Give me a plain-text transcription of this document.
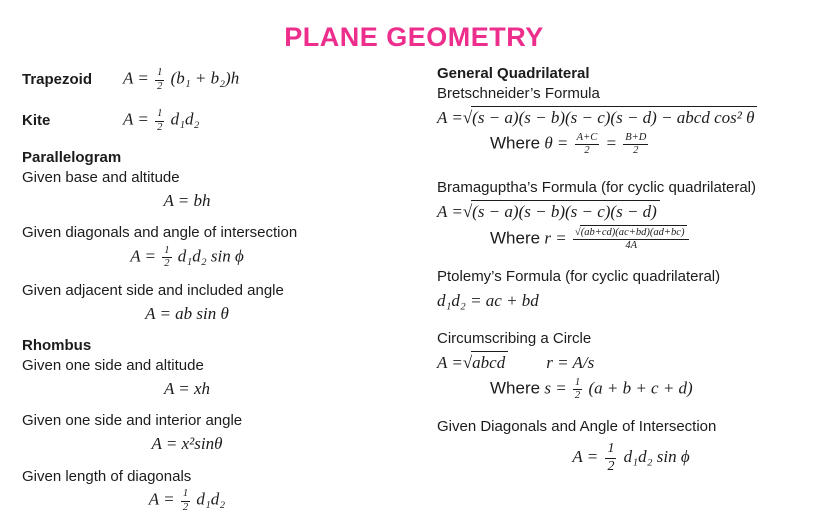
PLANE GEOMETRY
Trapezoid	$A = \frac{1}{2} (b_1 + b_2)h$
Kite	$A = \frac{1}{2} d_1d_2$
Parallelogram
Given base and altitude
A = bh
Given diagonals and angle of intersection
$A = \frac{1}{2} d_1d_2$ sin ϕ
Given adjacent side and included angle
A = ab sin θ
Rhombus
Given one side and altitude
A = xh
Given one side and interior angle
A = x²sinθ
Given length of diagonals
$A = \frac{1}{2} d_1d_2$
General Quadrilateral
Bretschneider’s Formula
A =√(s − a)(s − b)(s − c)(s − d) − abcd cos² θ
Where $\theta = \frac{A+C}{2} = \frac{B+D}{2}$
Bramaguptha’s Formula (for cyclic quadrilateral)
A =√(s − a)(s − b)(s − c)(s − d)
Where $r = \frac{√(ab+cd)(ac+bd)(ad+bc)}{4A}$
Ptolemy’s Formula (for cyclic quadrilateral)
d₁d₂ = ac + bd
Circumscribing a Circle
A =√abcd r = A/s
Where $s = \frac{1}{2} (a + b + c + d)$
Given Diagonals and Angle of Intersection
$A = \frac{1}{2} d_1d_2$ sin ϕ
